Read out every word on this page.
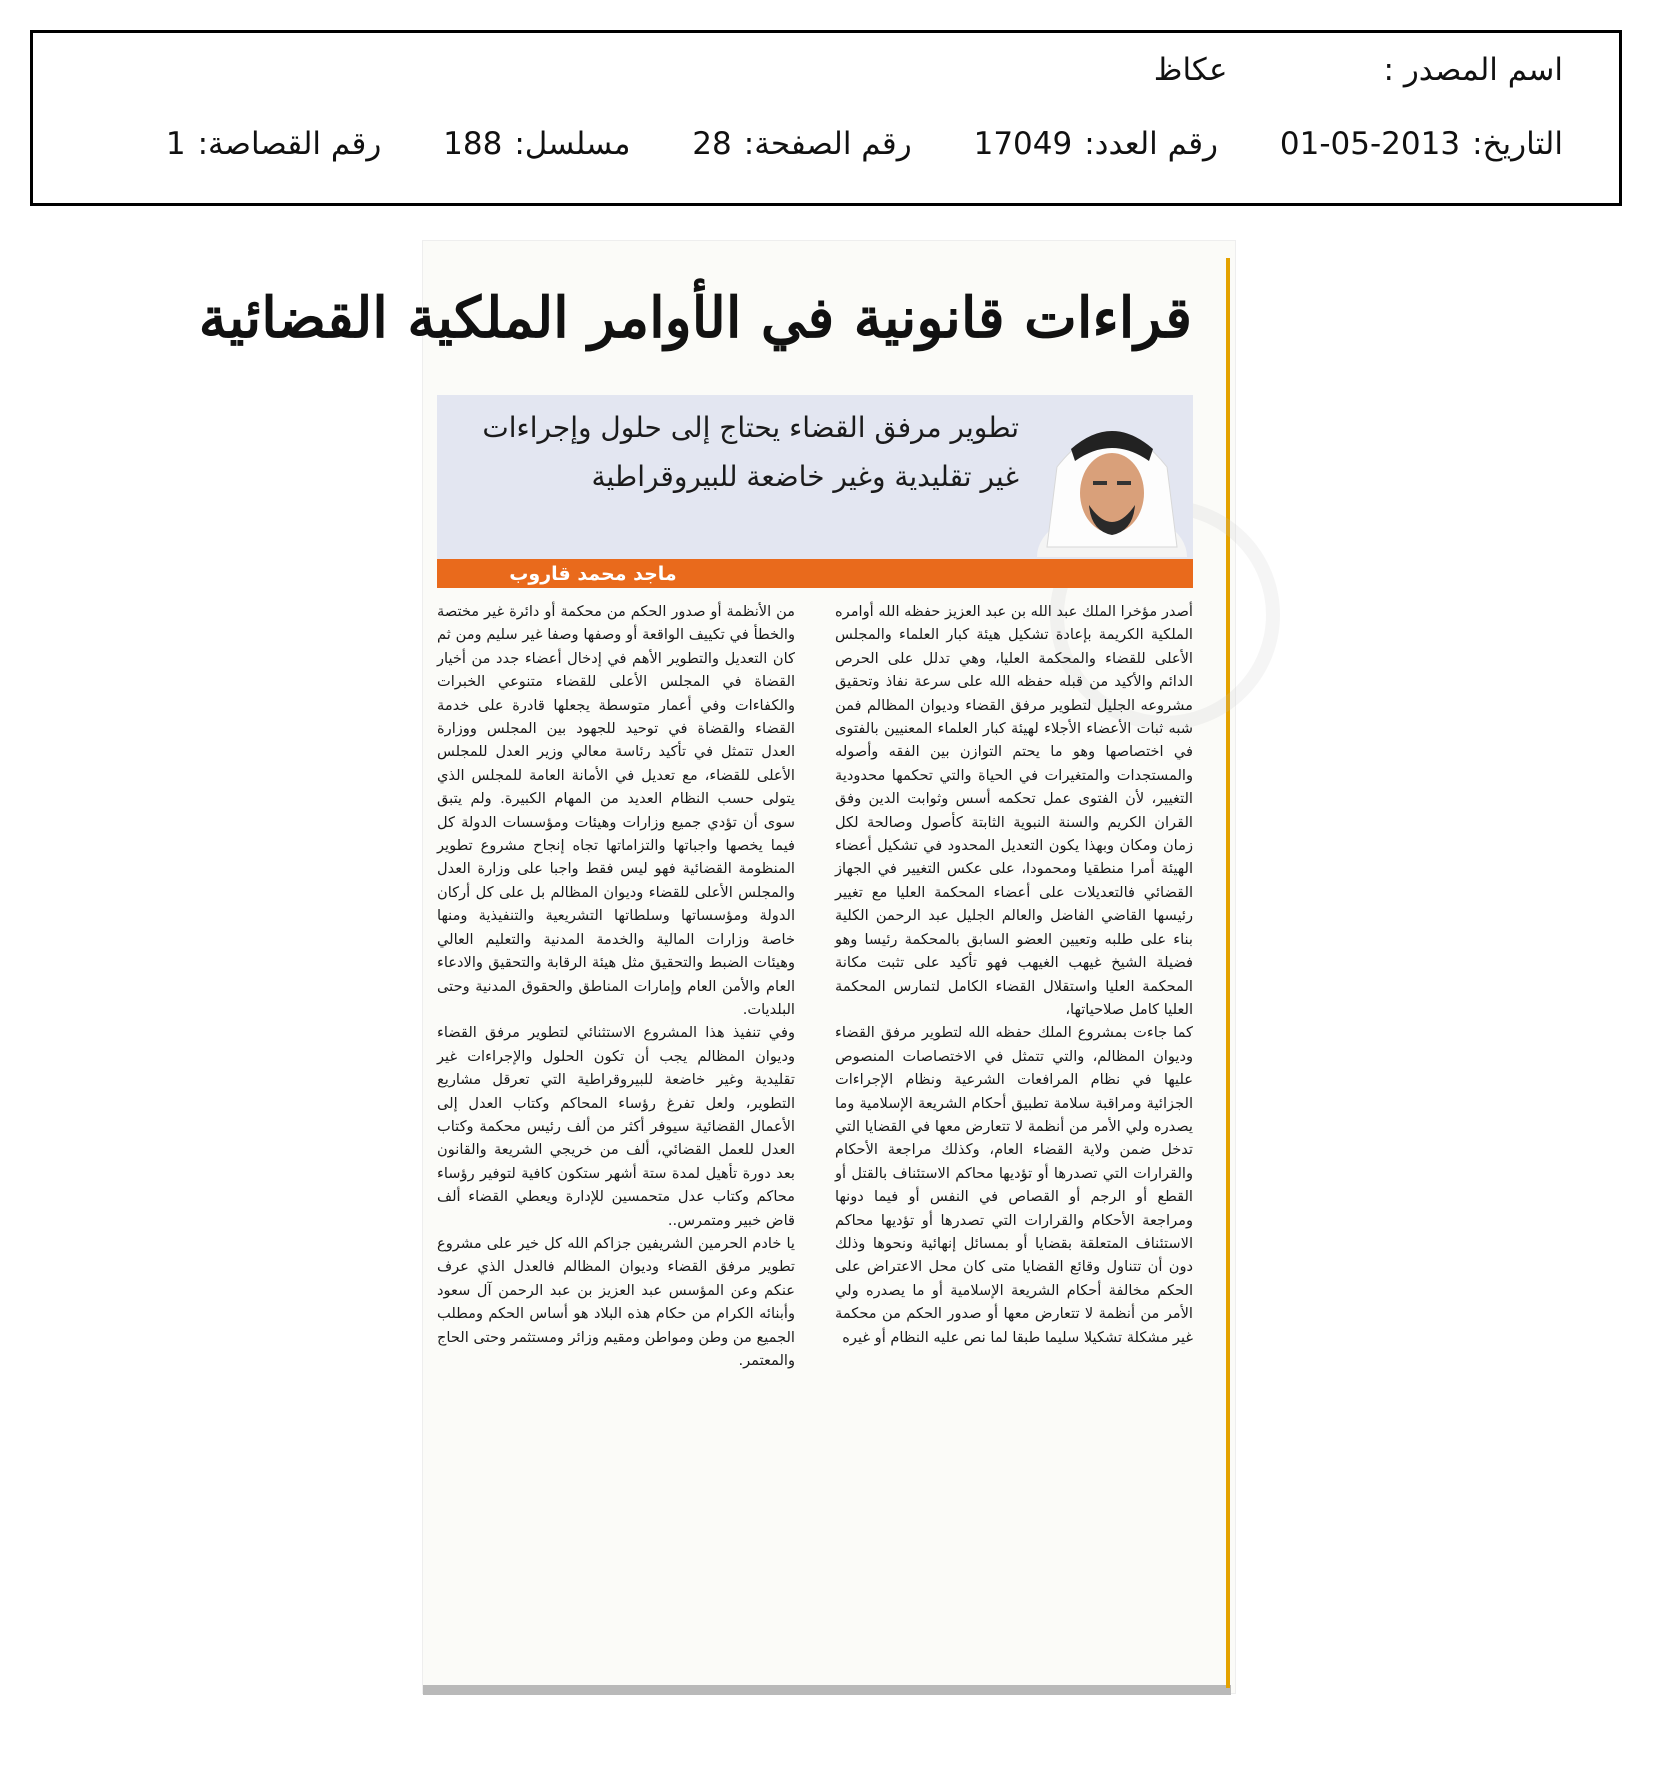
اسم المصدر :عكاظ
التاريخ:2013-05-01 رقم العدد:17049 رقم الصفحة:28 مسلسل:188 رقم القصاصة:1
قراءات قانونية في الأوامر الملكية القضائية
تطوير مرفق القضاء يحتاج إلى حلول وإجراءات غير تقليدية وغير خاضعة للبيروقراطية
ماجد محمد قاروب

أصدر مؤخرا الملك عبد الله بن عبد العزيز حفظه الله أوامره الملكية الكريمة بإعادة تشكيل هيئة كبار العلماء والمجلس الأعلى للقضاء والمحكمة العليا، وهي تدلل على الحرص الدائم والأكيد من قبله حفظه الله على سرعة نفاذ وتحقيق مشروعه الجليل لتطوير مرفق القضاء وديوان المظالم فمن شبه ثبات الأعضاء الأجلاء لهيئة كبار العلماء المعنيين بالفتوى في اختصاصها وهو ما يحتم التوازن بين الفقه وأصوله والمستجدات والمتغيرات في الحياة والتي تحكمها محدودية التغيير، لأن الفتوى عمل تحكمه أسس وثوابت الدين وفق القران الكريم والسنة النبوية الثابتة كأصول وصالحة لكل زمان ومكان وبهذا يكون التعديل المحدود في تشكيل أعضاء الهيئة أمرا منطقيا ومحمودا، على عكس التغيير في الجهاز القضائي فالتعديلات على أعضاء المحكمة العليا مع تغيير رئيسها القاضي الفاضل والعالم الجليل عبد الرحمن الكلية بناء على طلبه وتعيين العضو السابق بالمحكمة رئيسا وهو فضيلة الشيخ غيهب الغيهب فهو تأكيد على تثبت مكانة المحكمة العليا واستقلال القضاء الكامل لتمارس المحكمة العليا كامل صلاحياتها،

كما جاءت بمشروع الملك حفظه الله لتطوير مرفق القضاء وديوان المظالم، والتي تتمثل في الاختصاصات المنصوص عليها في نظام المرافعات الشرعية ونظام الإجراءات الجزائية ومراقبة سلامة تطبيق أحكام الشريعة الإسلامية وما يصدره ولي الأمر من أنظمة لا تتعارض معها في القضايا التي تدخل ضمن ولاية القضاء العام، وكذلك مراجعة الأحكام والقرارات التي تصدرها أو تؤديها محاكم الاستئناف بالقتل أو القطع أو الرجم أو القصاص في النفس أو فيما دونها ومراجعة الأحكام والقرارات التي تصدرها أو تؤديها محاكم الاستئناف المتعلقة بقضايا أو بمسائل إنهائية ونحوها وذلك دون أن تتناول وقائع القضايا متى كان محل الاعتراض على الحكم مخالفة أحكام الشريعة الإسلامية أو ما يصدره ولي الأمر من أنظمة لا تتعارض معها أو صدور الحكم من محكمة غير مشكلة تشكيلا سليما طبقا لما نص عليه النظام أو غيره

من الأنظمة أو صدور الحكم من محكمة أو دائرة غير مختصة والخطأ في تكييف الواقعة أو وصفها وصفا غير سليم ومن ثم كان التعديل والتطوير الأهم في إدخال أعضاء جدد من أخيار القضاة في المجلس الأعلى للقضاء متنوعي الخبرات والكفاءات وفي أعمار متوسطة يجعلها قادرة على خدمة القضاء والقضاة في توحيد للجهود بين المجلس ووزارة العدل تتمثل في تأكيد رئاسة معالي وزير العدل للمجلس الأعلى للقضاء، مع تعديل في الأمانة العامة للمجلس الذي يتولى حسب النظام العديد من المهام الكبيرة. ولم يتبق سوى أن تؤدي جميع وزارات وهيئات ومؤسسات الدولة كل فيما يخصها واجباتها والتزاماتها تجاه إنجاح مشروع تطوير المنظومة القضائية فهو ليس فقط واجبا على وزارة العدل والمجلس الأعلى للقضاء وديوان المظالم بل على كل أركان الدولة ومؤسساتها وسلطاتها التشريعية والتنفيذية ومنها خاصة وزارات المالية والخدمة المدنية والتعليم العالي وهيئات الضبط والتحقيق مثل هيئة الرقابة والتحقيق والادعاء العام والأمن العام وإمارات المناطق والحقوق المدنية وحتى البلديات.

وفي تنفيذ هذا المشروع الاستثنائي لتطوير مرفق القضاء وديوان المظالم يجب أن تكون الحلول والإجراءات غير تقليدية وغير خاضعة للبيروقراطية التي تعرقل مشاريع التطوير، ولعل تفرغ رؤساء المحاكم وكتاب العدل إلى الأعمال القضائية سيوفر أكثر من ألف رئيس محكمة وكتاب العدل للعمل القضائي، ألف من خريجي الشريعة والقانون بعد دورة تأهيل لمدة ستة أشهر ستكون كافية لتوفير رؤساء محاكم وكتاب عدل متحمسين للإدارة ويعطي القضاء ألف قاض خبير ومتمرس..

يا خادم الحرمين الشريفين جزاكم الله كل خير على مشروع تطوير مرفق القضاء وديوان المظالم فالعدل الذي عرف عنكم وعن المؤسس عبد العزيز بن عبد الرحمن آل سعود وأبنائه الكرام من حكام هذه البلاد هو أساس الحكم ومطلب الجميع من وطن ومواطن ومقيم وزائر ومستثمر وحتى الحاج والمعتمر.
